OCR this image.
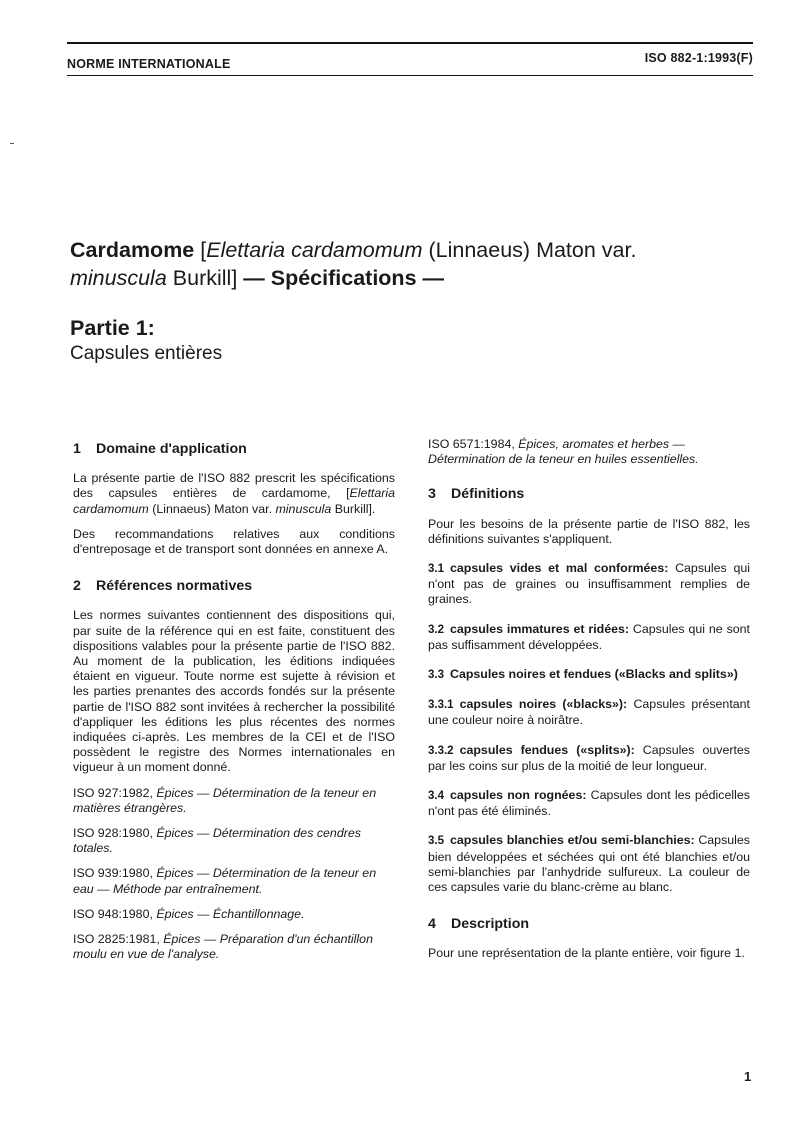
NORME INTERNATIONALE	ISO 882-1:1993(F)
Cardamome [Elettaria cardamomum (Linnaeus) Maton var.
minuscula Burkill] — Spécifications —
Partie 1:
Capsules entières
1 Domaine d'application

La présente partie de l'ISO 882 prescrit les spécifications des capsules entières de cardamome, [Elettaria cardamomum (Linnaeus) Maton var. minuscula Burkill].

Des recommandations relatives aux conditions d'entreposage et de transport sont données en annexe A.

2 Références normatives

Les normes suivantes contiennent des dispositions qui, par suite de la référence qui en est faite, constituent des dispositions valables pour la présente partie de l'ISO 882. Au moment de la publication, les éditions indiquées étaient en vigueur. Toute norme est sujette à révision et les parties prenantes des accords fondés sur la présente partie de l'ISO 882 sont invitées à rechercher la possibilité d'appliquer les éditions les plus récentes des normes indiquées ci-après. Les membres de la CEI et de l'ISO possèdent le registre des Normes internationales en vigueur à un moment donné.

ISO 927:1982, Épices — Détermination de la teneur en matières étrangères.

ISO 928:1980, Épices — Détermination des cendres totales.

ISO 939:1980, Épices — Détermination de la teneur en eau — Méthode par entraînement.

ISO 948:1980, Épices — Échantillonnage.

ISO 2825:1981, Épices — Préparation d'un échantillon moulu en vue de l'analyse.

ISO 6571:1984, Épices, aromates et herbes — Détermination de la teneur en huiles essentielles.

3 Définitions

Pour les besoins de la présente partie de l'ISO 882, les définitions suivantes s'appliquent.

3.1 capsules vides et mal conformées: Capsules qui n'ont pas de graines ou insuffisamment remplies de graines.

3.2 capsules immatures et ridées: Capsules qui ne sont pas suffisamment développées.

3.3 Capsules noires et fendues («Blacks and splits»)

3.3.1 capsules noires («blacks»): Capsules présentant une couleur noire à noirâtre.

3.3.2 capsules fendues («splits»): Capsules ouvertes par les coins sur plus de la moitié de leur longueur.

3.4 capsules non rognées: Capsules dont les pédicelles n'ont pas été éliminés.

3.5 capsules blanchies et/ou semi-blanchies: Capsules bien développées et séchées qui ont été blanchies et/ou semi-blanchies par l'anhydride sulfureux. La couleur de ces capsules varie du blanc-crème au blanc.

4 Description

Pour une représentation de la plante entière, voir figure 1.

1
